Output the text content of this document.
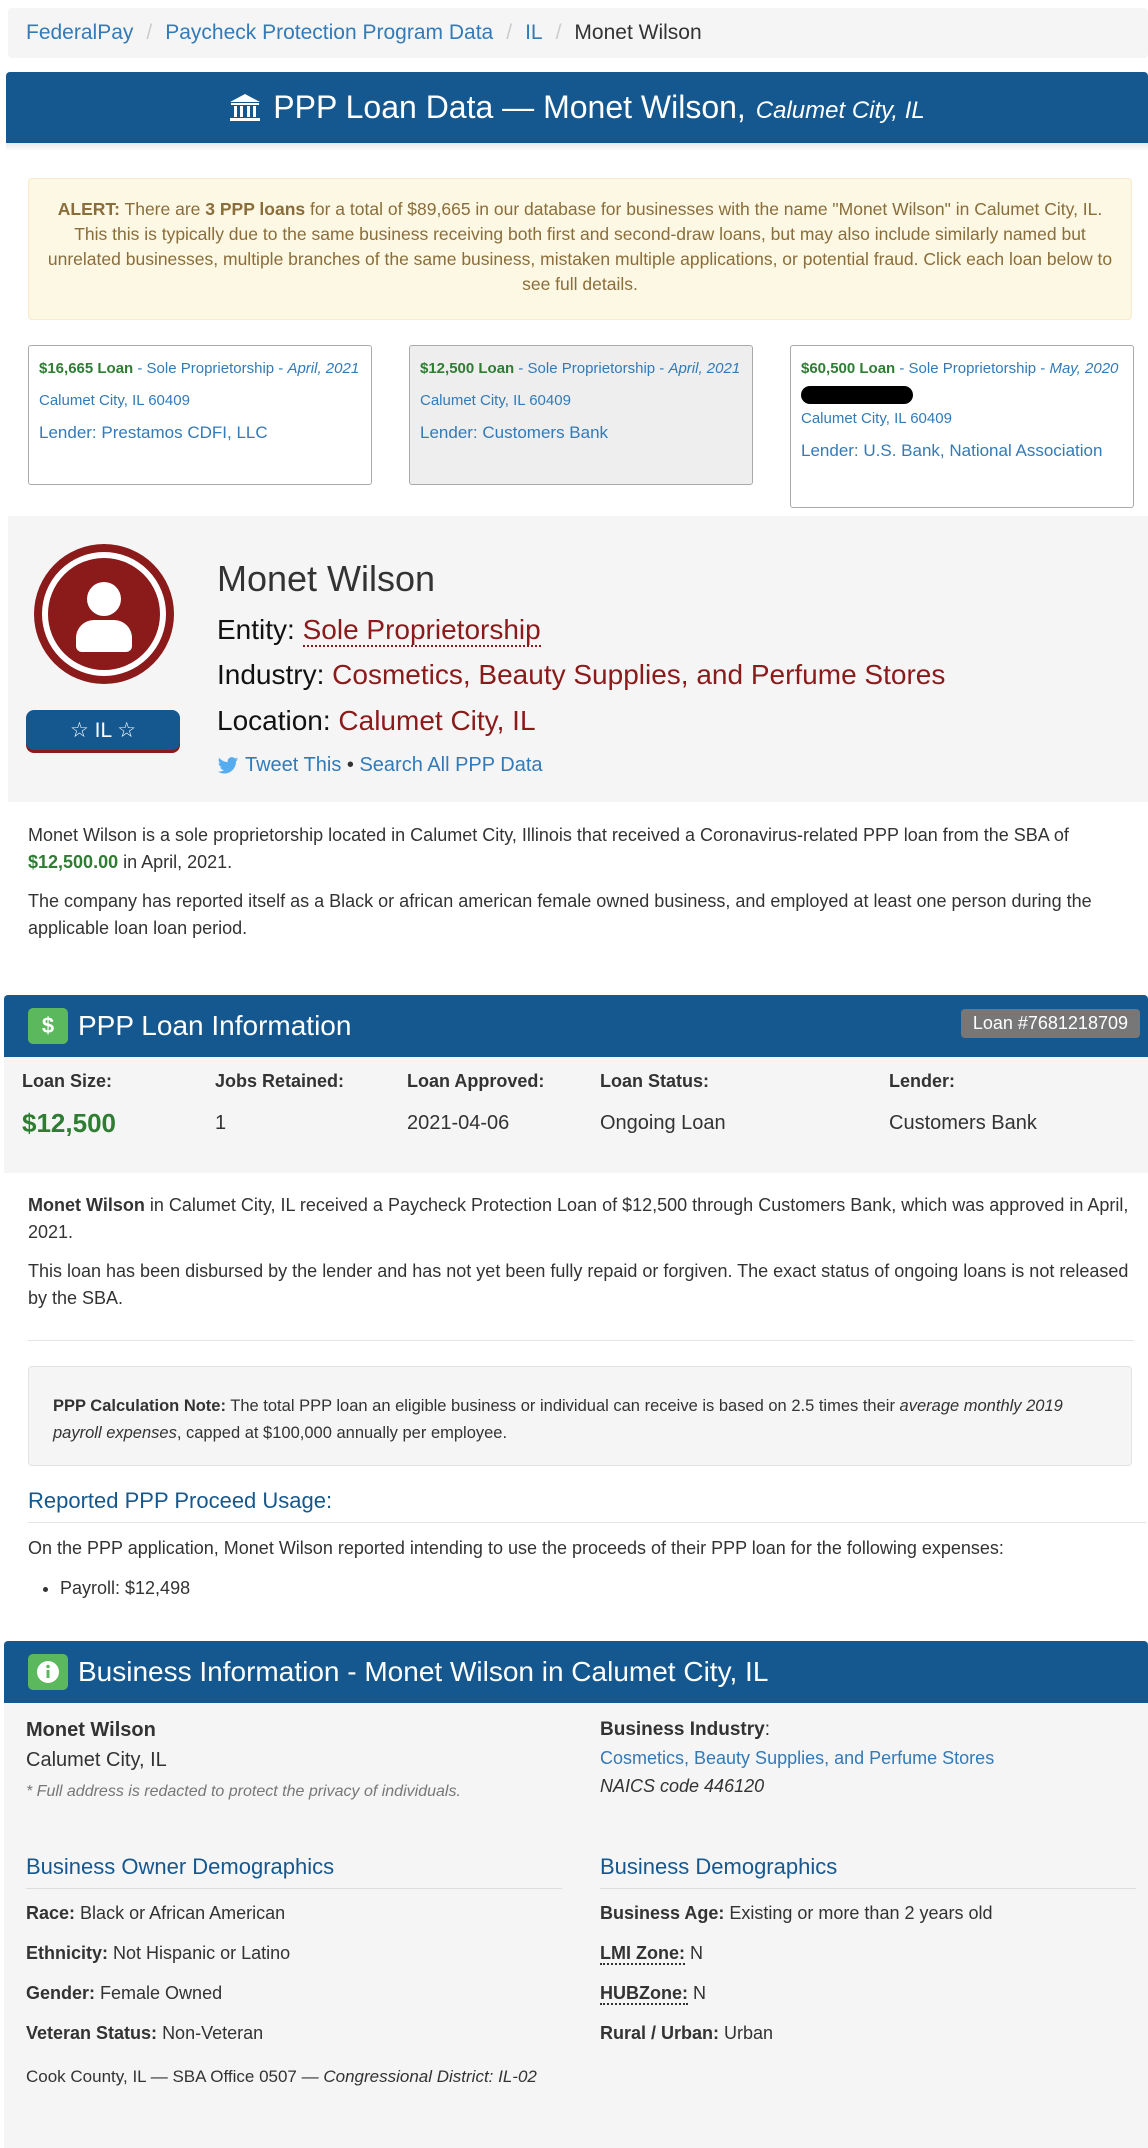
FederalPay / Paycheck Protection Program Data / IL / Monet Wilson
PPP Loan Data — Monet Wilson, Calumet City, IL
ALERT: There are 3 PPP loans for a total of $89,665 in our database for businesses with the name "Monet Wilson" in Calumet City, IL. This this is typically due to the same business receiving both first and second-draw loans, but may also include similarly named but unrelated businesses, multiple branches of the same business, mistaken multiple applications, or potential fraud. Click each loan below to see full details.
$16,665 Loan - Sole Proprietorship - April, 2021
Calumet City, IL 60409
Lender: Prestamos CDFI, LLC
$12,500 Loan - Sole Proprietorship - April, 2021
Calumet City, IL 60409
Lender: Customers Bank
$60,500 Loan - Sole Proprietorship - May, 2020
Calumet City, IL 60409
Lender: U.S. Bank, National Association
☆ IL ☆
Monet Wilson
Entity: Sole Proprietorship
Industry: Cosmetics, Beauty Supplies, and Perfume Stores
Location: Calumet City, IL
Tweet This • Search All PPP Data

Monet Wilson is a sole proprietorship located in Calumet City, Illinois that received a Coronavirus-related PPP loan from the SBA of $12,500.00 in April, 2021.

The company has reported itself as a Black or african american female owned business, and employed at least one person during the applicable loan loan period.

$ PPP Loan Information	Loan #7681218709
Loan Size:
$12,500
Jobs Retained:
1
Loan Approved:
2021-04-06
Loan Status:
Ongoing Loan
Lender:
Customers Bank

Monet Wilson in Calumet City, IL received a Paycheck Protection Loan of $12,500 through Customers Bank, which was approved in April, 2021.

This loan has been disbursed by the lender and has not yet been fully repaid or forgiven. The exact status of ongoing loans is not released by the SBA.

PPP Calculation Note: The total PPP loan an eligible business or individual can receive is based on 2.5 times their average monthly 2019 payroll expenses, capped at $100,000 annually per employee.
Reported PPP Proceed Usage:
On the PPP application, Monet Wilson reported intending to use the proceeds of their PPP loan for the following expenses:
• Payroll: $12,498
Business Information - Monet Wilson in Calumet City, IL
Monet Wilson
Calumet City, IL
* Full address is redacted to protect the privacy of individuals.
Business Industry:
Cosmetics, Beauty Supplies, and Perfume Stores
NAICS code 446120
Business Owner Demographics
Race: Black or African American
Ethnicity: Not Hispanic or Latino
Gender: Female Owned
Veteran Status: Non-Veteran
Business Demographics
Business Age: Existing or more than 2 years old
LMI Zone: N
HUBZone: N
Rural / Urban: Urban
Cook County, IL — SBA Office 0507 — Congressional District: IL-02
